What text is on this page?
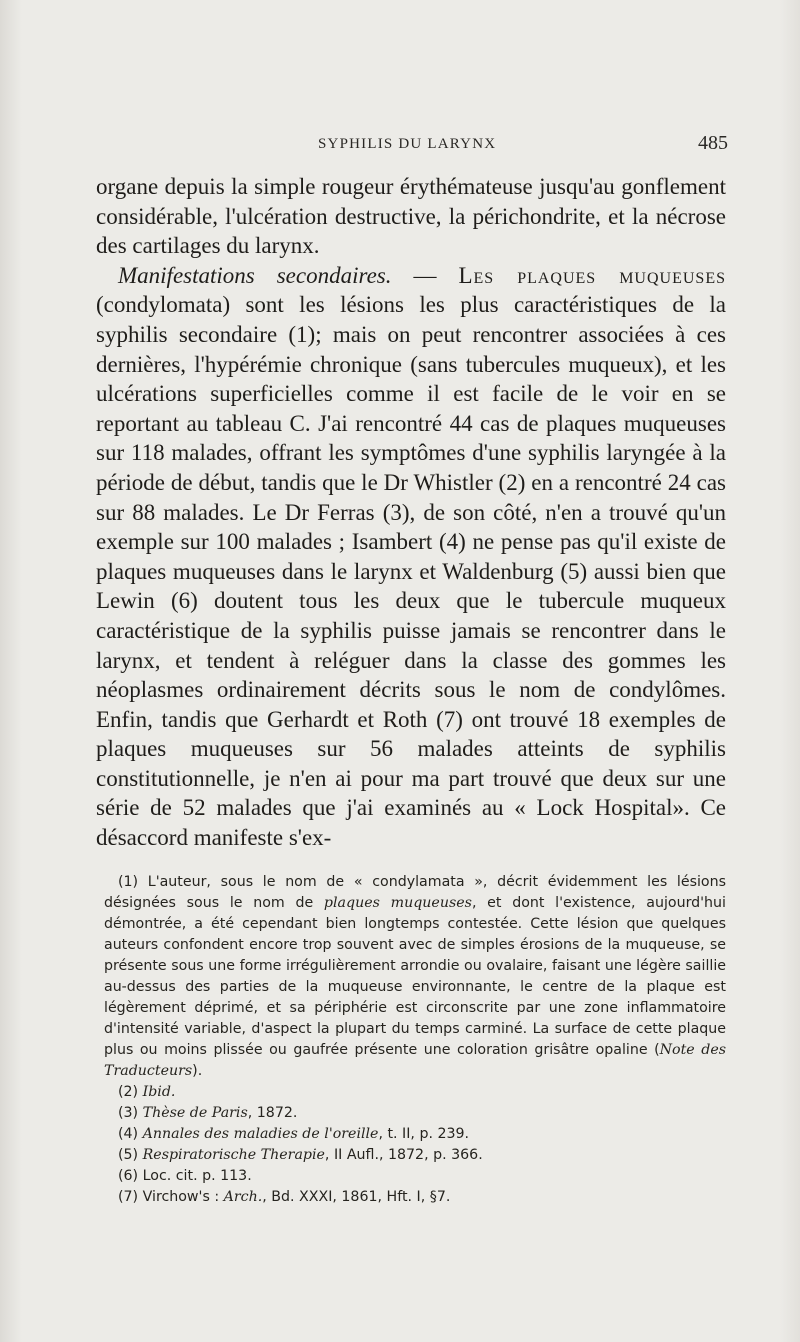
SYPHILIS DU LARYNX	485

organe depuis la simple rougeur érythémateuse jusqu'au gonflement considérable, l'ulcération destructive, la périchondrite, et la nécrose des cartilages du larynx.

Manifestations secondaires. — Les plaques muqueuses (condylomata) sont les lésions les plus caractéristiques de la syphilis secondaire (1); mais on peut rencontrer associées à ces dernières, l'hypérémie chronique (sans tubercules muqueux), et les ulcérations superficielles comme il est facile de le voir en se reportant au tableau C. J'ai rencontré 44 cas de plaques muqueuses sur 118 malades, offrant les symptômes d'une syphilis laryngée à la période de début, tandis que le Dr Whistler (2) en a rencontré 24 cas sur 88 malades. Le Dr Ferras (3), de son côté, n'en a trouvé qu'un exemple sur 100 malades ; Isambert (4) ne pense pas qu'il existe de plaques muqueuses dans le larynx et Waldenburg (5) aussi bien que Lewin (6) doutent tous les deux que le tubercule muqueux caractéristique de la syphilis puisse jamais se rencontrer dans le larynx, et tendent à reléguer dans la classe des gommes les néoplasmes ordinairement décrits sous le nom de condylômes. Enfin, tandis que Gerhardt et Roth (7) ont trouvé 18 exemples de plaques muqueuses sur 56 malades atteints de syphilis constitutionnelle, je n'en ai pour ma part trouvé que deux sur une série de 52 malades que j'ai examinés au « Lock Hospital». Ce désaccord manifeste s'ex-

(1) L'auteur, sous le nom de « condylamata », décrit évidemment les lésions désignées sous le nom de plaques muqueuses, et dont l'existence, aujourd'hui démontrée, a été cependant bien longtemps contestée. Cette lésion que quelques auteurs confondent encore trop souvent avec de simples érosions de la muqueuse, se présente sous une forme irrégulièrement arrondie ou ovalaire, faisant une légère saillie au-dessus des parties de la muqueuse environnante, le centre de la plaque est légèrement déprimé, et sa périphérie est circonscrite par une zone inflammatoire d'intensité variable, d'aspect la plupart du temps carminé. La surface de cette plaque plus ou moins plissée ou gaufrée présente une coloration grisâtre opaline (Note des Traducteurs).

(2) Ibid.

(3) Thèse de Paris, 1872.

(4) Annales des maladies de l'oreille, t. II, p. 239.

(5) Respiratorische Therapie, II Aufl., 1872, p. 366.

(6) Loc. cit. p. 113.

(7) Virchow's : Arch., Bd. XXXI, 1861, Hft. I, §7.
